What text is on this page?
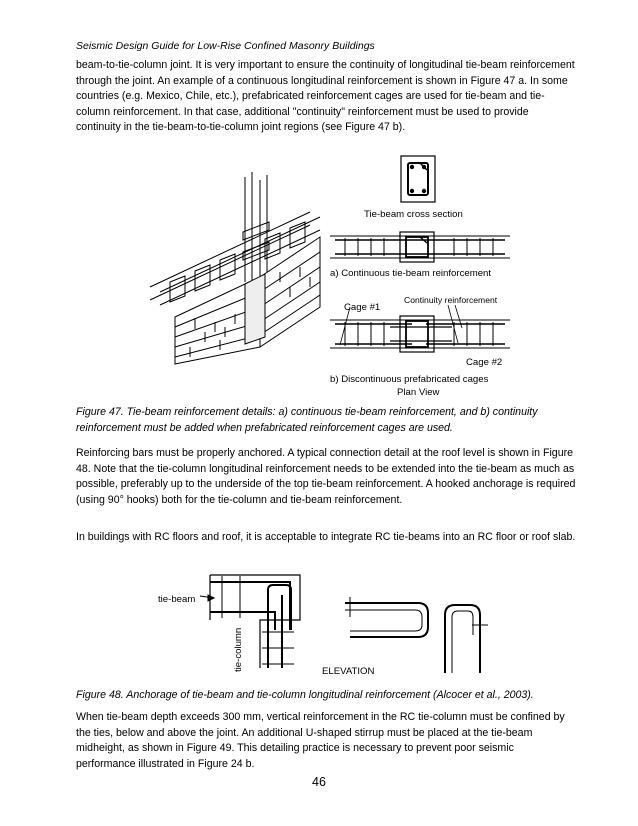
Seismic Design Guide for Low-Rise Confined Masonry Buildings

beam-to-tie-column joint. It is very important to ensure the continuity of longitudinal tie-beam reinforcement through the joint. An example of a continuous longitudinal reinforcement is shown in Figure 47 a. In some countries (e.g. Mexico, Chile, etc.), prefabricated reinforcement cages are used for tie-beam and tie-column reinforcement. In that case, additional "continuity" reinforcement must be used to provide continuity in the tie-beam-to-tie-column joint regions (see Figure 47 b).

Tie-beam cross section
a) Continuous tie-beam reinforcement
Cage #1
Continuity reinforcement
Cage #2
b) Discontinuous prefabricated cages
Plan View

Figure 47. Tie-beam reinforcement details: a) continuous tie-beam reinforcement, and b) continuity reinforcement must be added when prefabricated reinforcement cages are used.

Reinforcing bars must be properly anchored. A typical connection detail at the roof level is shown in Figure 48. Note that the tie-column longitudinal reinforcement needs to be extended into the tie-beam as much as possible, preferably up to the underside of the top tie-beam reinforcement. A hooked anchorage is required (using 90° hooks) both for the tie-column and tie-beam reinforcement.

In buildings with RC floors and roof, it is acceptable to integrate RC tie-beams into an RC floor or roof slab.

tie-beam
tie-column	ELEVATION

Figure 48. Anchorage of tie-beam and tie-column longitudinal reinforcement (Alcocer et al., 2003).

When tie-beam depth exceeds 300 mm, vertical reinforcement in the RC tie-column must be confined by the ties, below and above the joint. An additional U-shaped stirrup must be placed at the tie-beam midheight, as shown in Figure 49. This detailing practice is necessary to prevent poor seismic performance illustrated in Figure 24 b.

46
